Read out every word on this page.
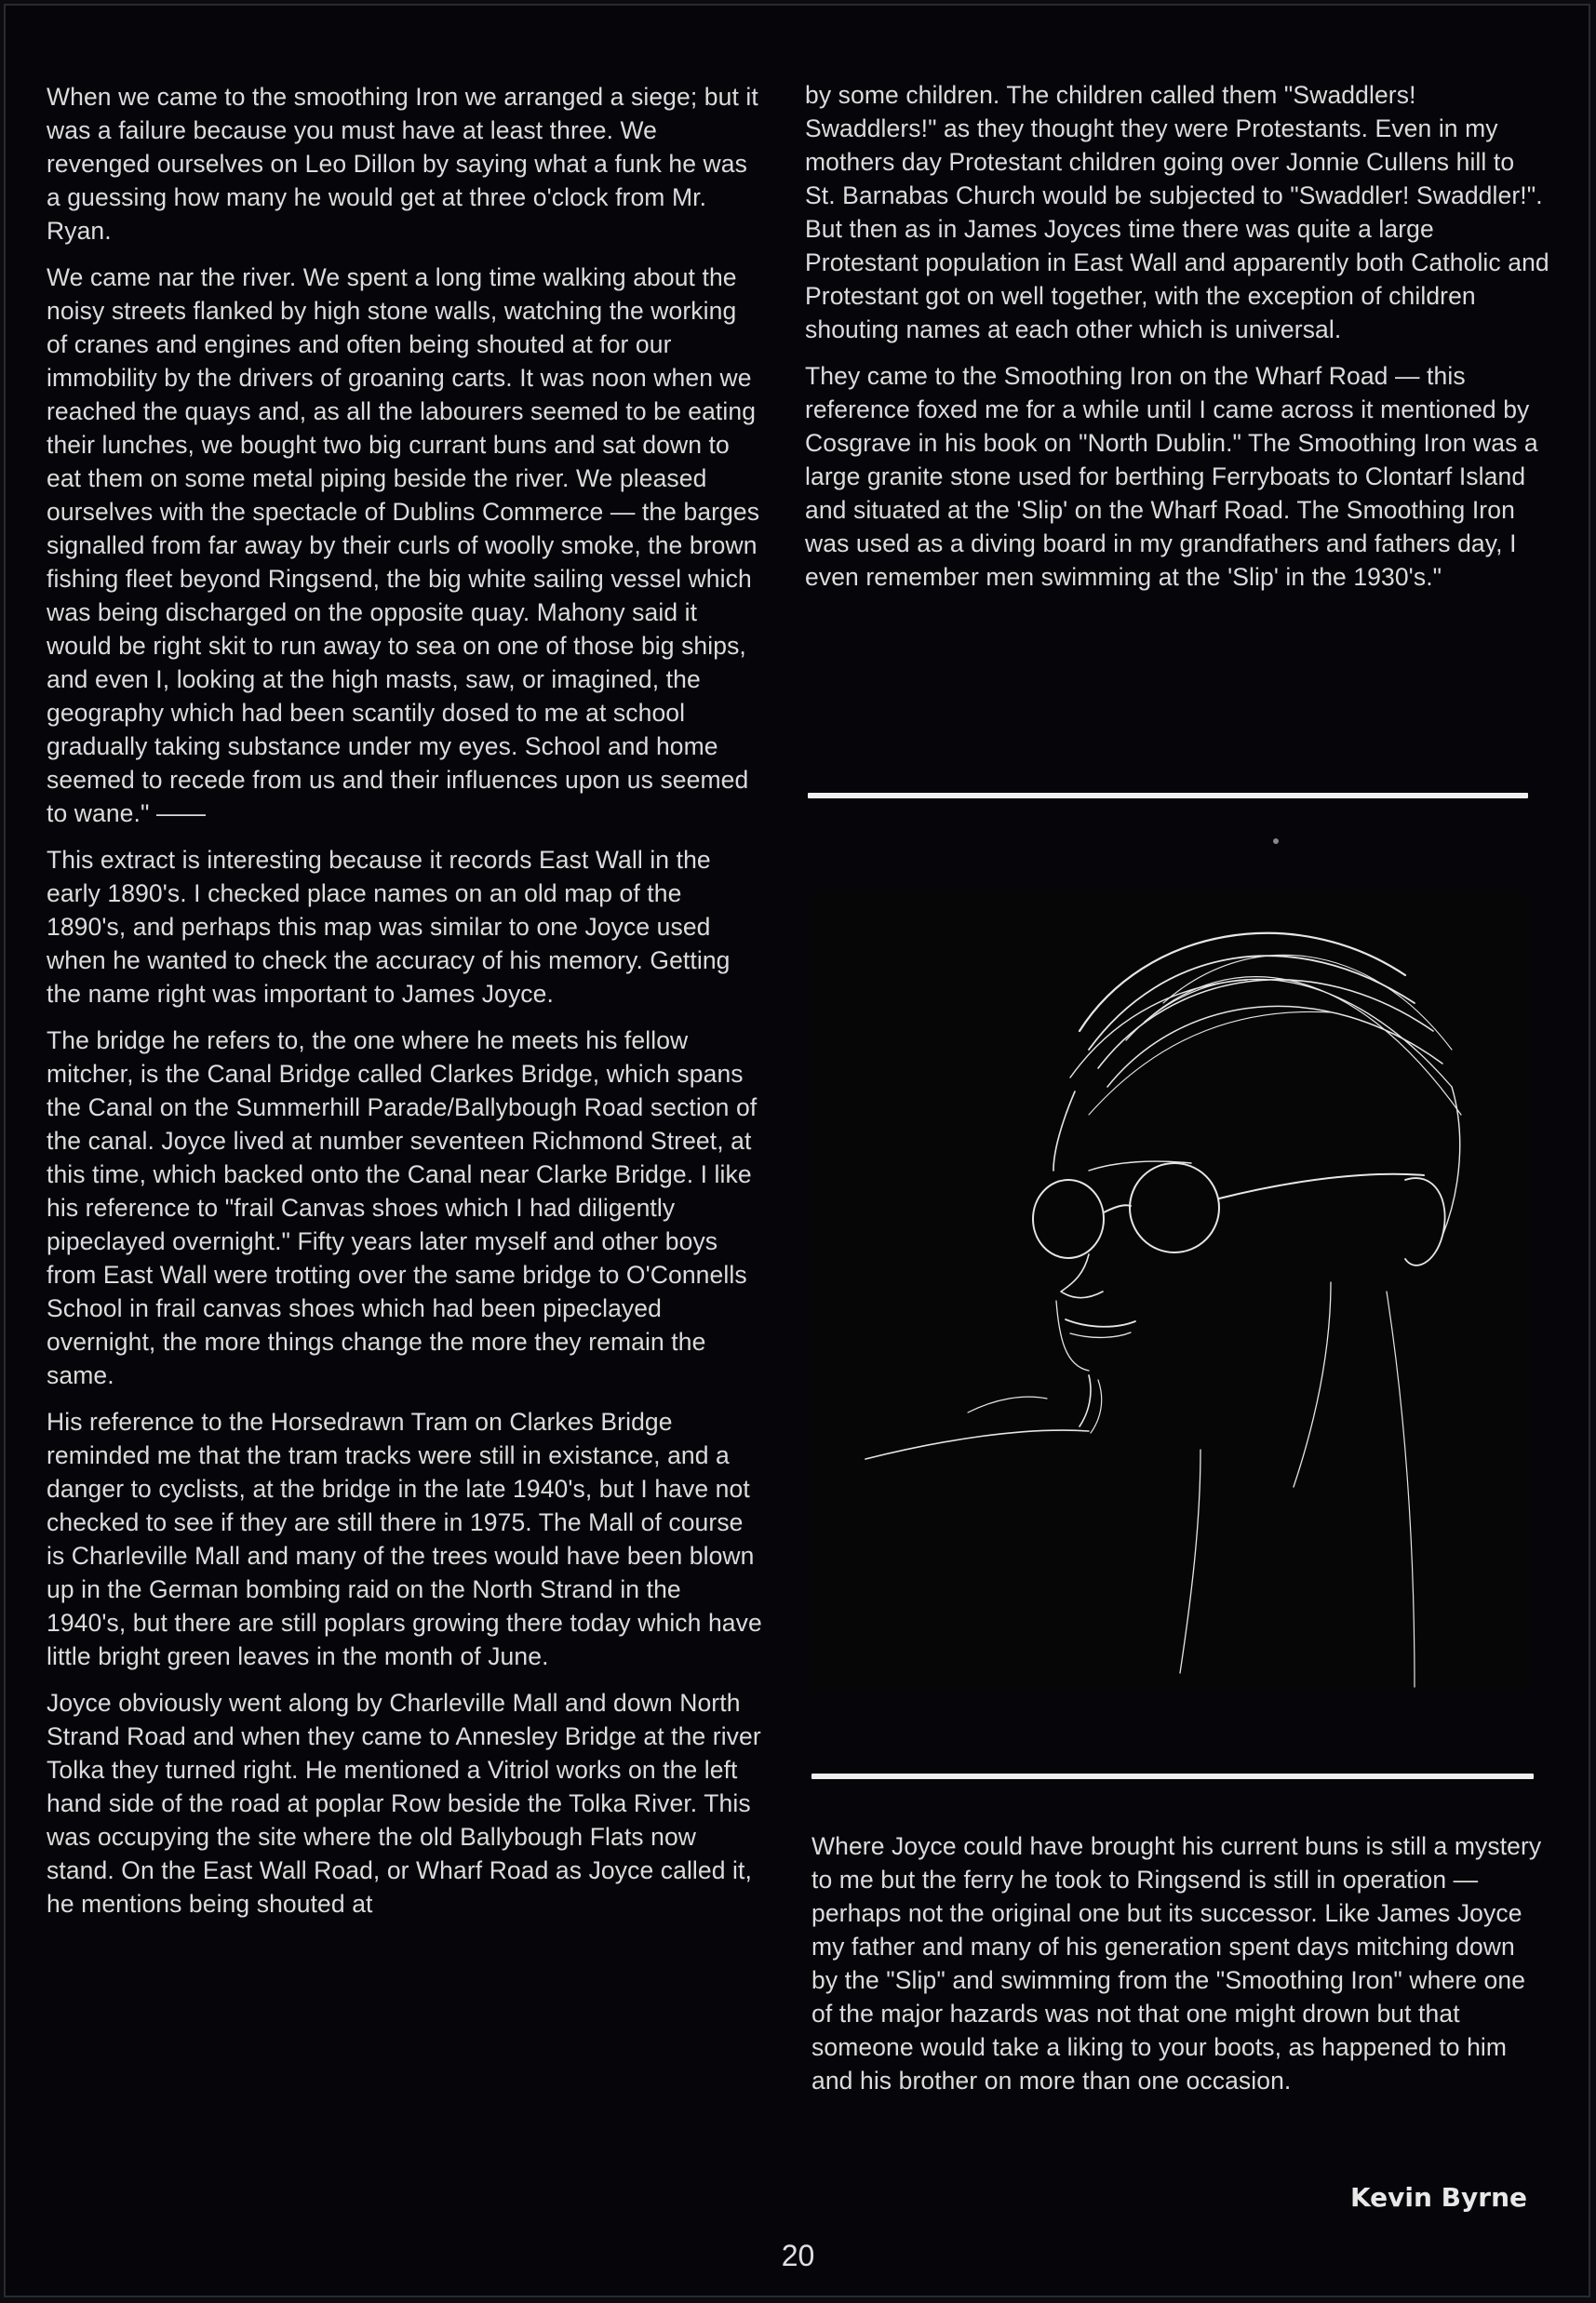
When we came to the smoothing Iron we arranged a siege; but it was a failure because you must have at least three. We revenged ourselves on Leo Dillon by saying what a funk he was a guessing how many he would get at three o'clock from Mr. Ryan.

We came nar the river. We spent a long time walking about the noisy streets flanked by high stone walls, watching the working of cranes and engines and often being shouted at for our immobility by the drivers of groaning carts. It was noon when we reached the quays and, as all the labourers seemed to be eating their lunches, we bought two big currant buns and sat down to eat them on some metal piping beside the river. We pleased ourselves with the spectacle of Dublins Commerce — the barges signalled from far away by their curls of woolly smoke, the brown fishing fleet beyond Ringsend, the big white sailing vessel which was being discharged on the opposite quay. Mahony said it would be right skit to run away to sea on one of those big ships, and even I, looking at the high masts, saw, or imagined, the geography which had been scantily dosed to me at school gradually taking substance under my eyes. School and home seemed to recede from us and their influences upon us seemed to wane." ——

This extract is interesting because it records East Wall in the early 1890's. I checked place names on an old map of the 1890's, and perhaps this map was similar to one Joyce used when he wanted to check the accuracy of his memory. Getting the name right was important to James Joyce.

The bridge he refers to, the one where he meets his fellow mitcher, is the Canal Bridge called Clarkes Bridge, which spans the Canal on the Summerhill Parade/Ballybough Road section of the canal. Joyce lived at number seventeen Richmond Street, at this time, which backed onto the Canal near Clarke Bridge. I like his reference to "frail Canvas shoes which I had diligently pipeclayed overnight." Fifty years later myself and other boys from East Wall were trotting over the same bridge to O'Connells School in frail canvas shoes which had been pipeclayed overnight, the more things change the more they remain the same.

His reference to the Horsedrawn Tram on Clarkes Bridge reminded me that the tram tracks were still in existance, and a danger to cyclists, at the bridge in the late 1940's, but I have not checked to see if they are still there in 1975. The Mall of course is Charleville Mall and many of the trees would have been blown up in the German bombing raid on the North Strand in the 1940's, but there are still poplars growing there today which have little bright green leaves in the month of June.

Joyce obviously went along by Charleville Mall and down North Strand Road and when they came to Annesley Bridge at the river Tolka they turned right. He mentioned a Vitriol works on the left hand side of the road at poplar Row beside the Tolka River. This was occupying the site where the old Ballybough Flats now stand. On the East Wall Road, or Wharf Road as Joyce called it, he mentions being shouted at

by some children. The children called them "Swaddlers! Swaddlers!" as they thought they were Protestants. Even in my mothers day Protestant children going over Jonnie Cullens hill to St. Barnabas Church would be subjected to "Swaddler! Swaddler!". But then as in James Joyces time there was quite a large Protestant population in East Wall and apparently both Catholic and Protestant got on well together, with the exception of children shouting names at each other which is universal.

They came to the Smoothing Iron on the Wharf Road — this reference foxed me for a while until I came across it mentioned by Cosgrave in his book on "North Dublin." The Smoothing Iron was a large granite stone used for berthing Ferryboats to Clontarf Island and situated at the 'Slip' on the Wharf Road. The Smoothing Iron was used as a diving board in my grandfathers and fathers day, I even remember men swimming at the 'Slip' in the 1930's."

Where Joyce could have brought his current buns is still a mystery to me but the ferry he took to Ringsend is still in operation — perhaps not the original one but its successor. Like James Joyce my father and many of his generation spent days mitching down by the "Slip" and swimming from the "Smoothing Iron" where one of the major hazards was not that one might drown but that someone would take a liking to your boots, as happened to him and his brother on more than one occasion.

Kevin Byrne
20
